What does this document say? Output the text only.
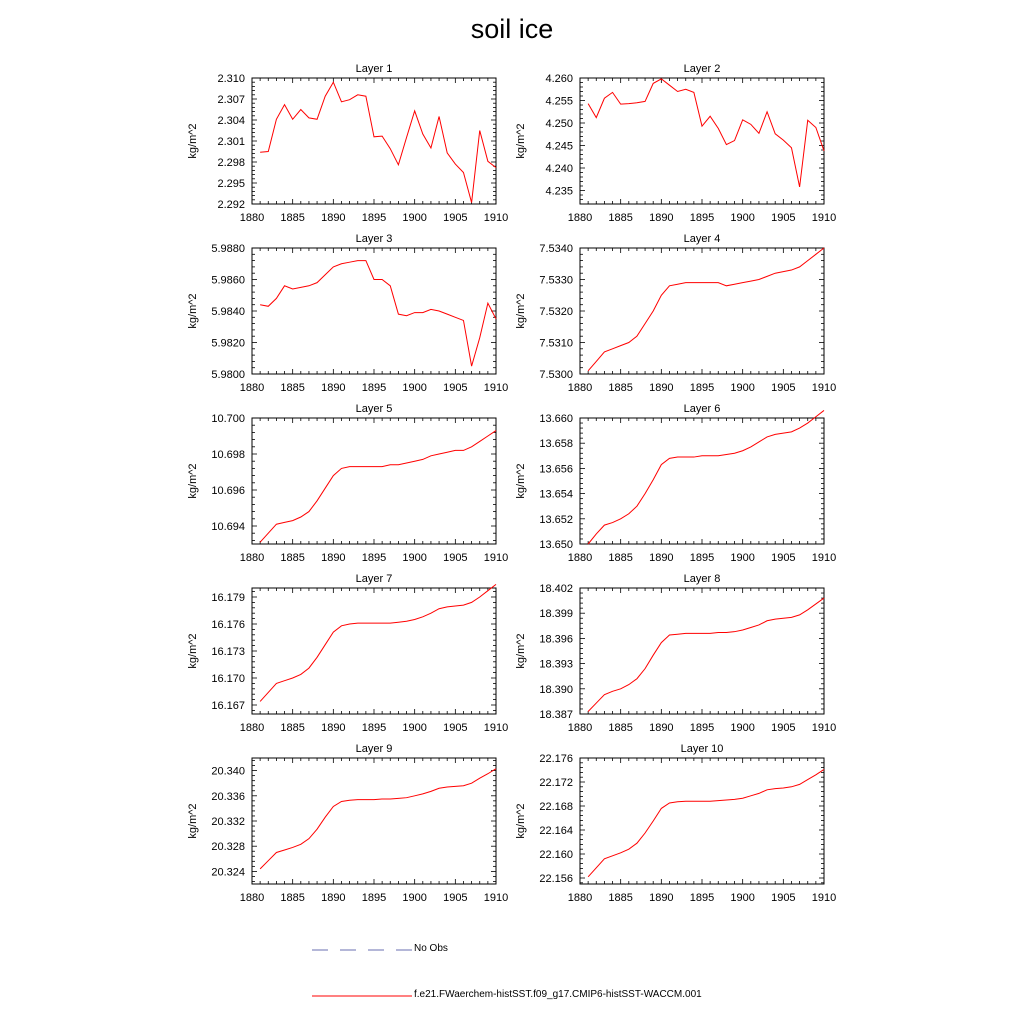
soil ice
Layer 1
kg/m^2
1880 1885 1890 1895 1900 1905 1910
2.292
2.295
2.298
2.301
2.304
2.307
2.310
Layer 2
kg/m^2
1880 1885 1890 1895 1900 1905 1910
4.235
4.240
4.245
4.250
4.255
4.260
Layer 3
kg/m^2
1880 1885 1890 1895 1900 1905 1910
5.9800
5.9820
5.9840
5.9860
5.9880
Layer 4
kg/m^2
1880 1885 1890 1895 1900 1905 1910
7.5300
7.5310
7.5320
7.5330
7.5340
Layer 5
kg/m^2
1880 1885 1890 1895 1900 1905 1910
10.694
10.696
10.698
10.700
Layer 6
kg/m^2
1880 1885 1890 1895 1900 1905 1910
13.650
13.652
13.654
13.656
13.658
13.660
Layer 7
kg/m^2
1880 1885 1890 1895 1900 1905 1910
16.167
16.170
16.173
16.176
16.179
Layer 8
kg/m^2
1880 1885 1890 1895 1900 1905 1910
18.387
18.390
18.393
18.396
18.399
18.402
Layer 9
kg/m^2
1880 1885 1890 1895 1900 1905 1910
20.324
20.328
20.332
20.336
20.340
Layer 10
kg/m^2
1880 1885 1890 1895 1900 1905 1910
22.156
22.160
22.164
22.168
22.172
22.176
No Obs
f.e21.FWaerchem-histSST.f09_g17.CMIP6-histSST-WACCM.001
